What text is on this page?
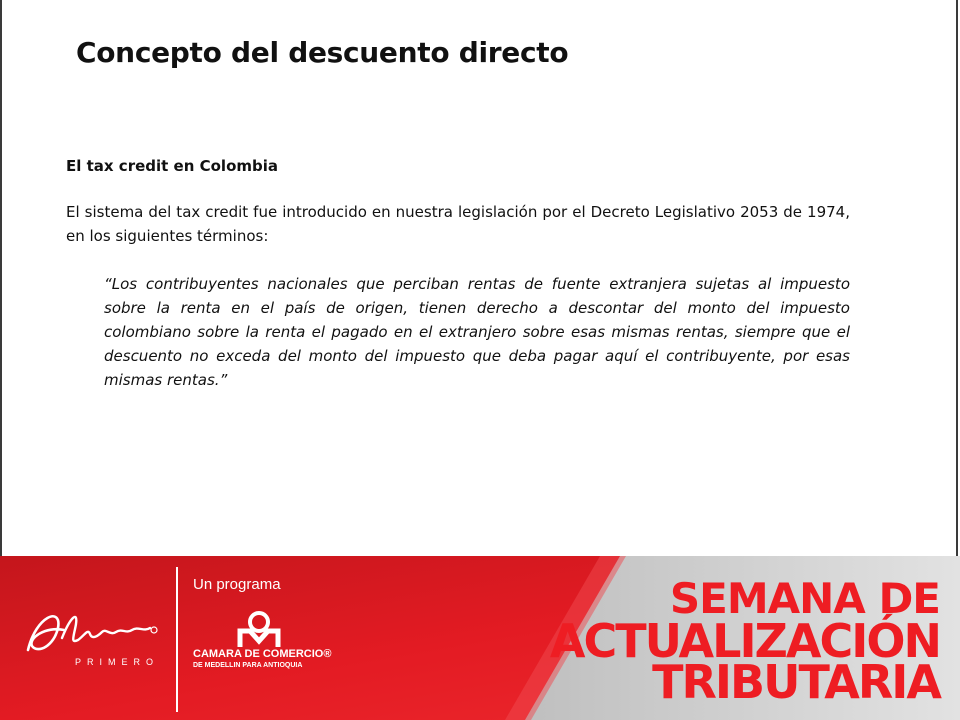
Concepto del descuento directo

El tax credit en Colombia

El sistema del tax credit fue introducido en nuestra legislación por el Decreto Legislativo 2053 de 1974, en los siguientes términos:

“Los contribuyentes nacionales que perciban rentas de fuente extranjera sujetas al impuesto sobre la renta en el país de origen, tienen derecho a descontar del monto del impuesto colombiano sobre la renta el pagado en el extranjero sobre esas mismas rentas, siempre que el descuento no exceda del monto del impuesto que deba pagar aquí el contribuyente, por esas mismas rentas.”

PRIMERO
Un programa
CAMARA DE COMERCIO®
DE MEDELLIN PARA ANTIOQUIA
SEMANA DE
ACTUALIZACIÓN
TRIBUTARIA
